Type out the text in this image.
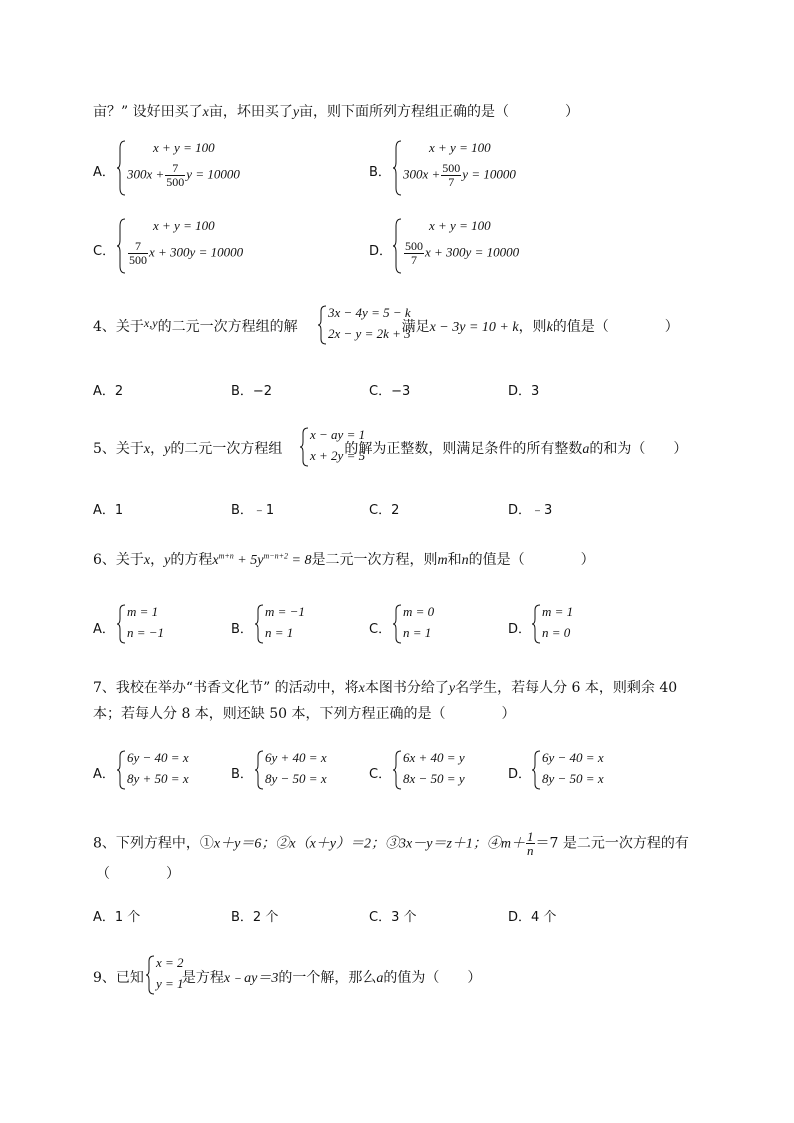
亩？” 设好田买了x亩，坏田买了y亩，则下面所列方程组正确的是（　　　　）
A．
x + y = 100
$300x + \frac{7}{500}$ y = 10000	B．
x + y = 100
$300x + \frac{500}{7}$ y = 10000
C．
x + y = 100
$\frac{7}{500}$ x + 300y = 10000	D．
x + y = 100
$\frac{500}{7}$ x + 300y = 10000
4、关于x,y的二元一次方程组的解	满足x − 3y = 10 + k，则k的值是（　　　　）
3x − 4y = 5 − k
2x − y = 2k + 3
A．2	B．−2	C．−3	D．3
5、关于x，y的二元一次方程组	的解为正整数，则满足条件的所有整数a的和为（　　）
x − ay = 1
x + 2y = 5
A．1	B．﹣1	C．2	D．﹣3
6、关于x，y的方程$x^{m+n} + 5y^{m-n+2} = 8$是二元一次方程，则m和n的值是（　　　　）
A．
m = 1
n = −1	B．
m = −1
n = 1	C．
m = 0
n = 1	D．
m = 1
n = 0
7、我校在举办“书香文化节” 的活动中，将x本图书分给了y名学生，若每人分 6 本，则剩余 40
本；若每人分 8 本，则还缺 50 本，下列方程正确的是（　　　　）
A．
6y − 40 = x
8y + 50 = x	B．
6y + 40 = x
8y − 50 = x	C．
6x + 40 = y
8x − 50 = y	D．
6y − 40 = x
8y − 50 = x
8、下列方程中，①x＋y＝6；②x（x＋y）＝2；③3x－y＝z＋1；④m＋ $\frac{1}{n} =7$ 是二元一次方程的有
（　　　　）
A．1 个	B．2 个	C．3 个	D．4 个
9、已知	是方程x﹣ay＝3的一个解，那么a的值为（　　）
x = 2
y = 1
